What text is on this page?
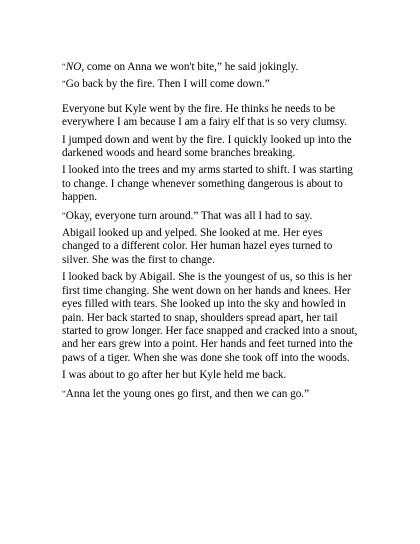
“NO, come on Anna we won't bite,” he said jokingly.

“Go back by the fire. Then I will come down.”

Everyone but Kyle went by the fire. He thinks he needs to be everywhere I am because I am a fairy elf that is so very clumsy.

I jumped down and went by the fire. I quickly looked up into the darkened woods and heard some branches breaking.

I looked into the trees and my arms started to shift. I was starting to change. I change whenever something dangerous is about to happen.

“Okay, everyone turn around.” That was all I had to say.

Abigail looked up and yelped. She looked at me. Her eyes changed to a different color. Her human hazel eyes turned to silver. She was the first to change.

I looked back by Abigail. She is the youngest of us, so this is her first time changing. She went down on her hands and knees. Her eyes filled with tears. She looked up into the sky and howled in pain. Her back started to snap, shoulders spread apart, her tail started to grow longer. Her face snapped and cracked into a snout, and her ears grew into a point. Her hands and feet turned into the paws of a tiger. When she was done she took off into the woods.

I was about to go after her but Kyle held me back.

“Anna let the young ones go first, and then we can go.”
